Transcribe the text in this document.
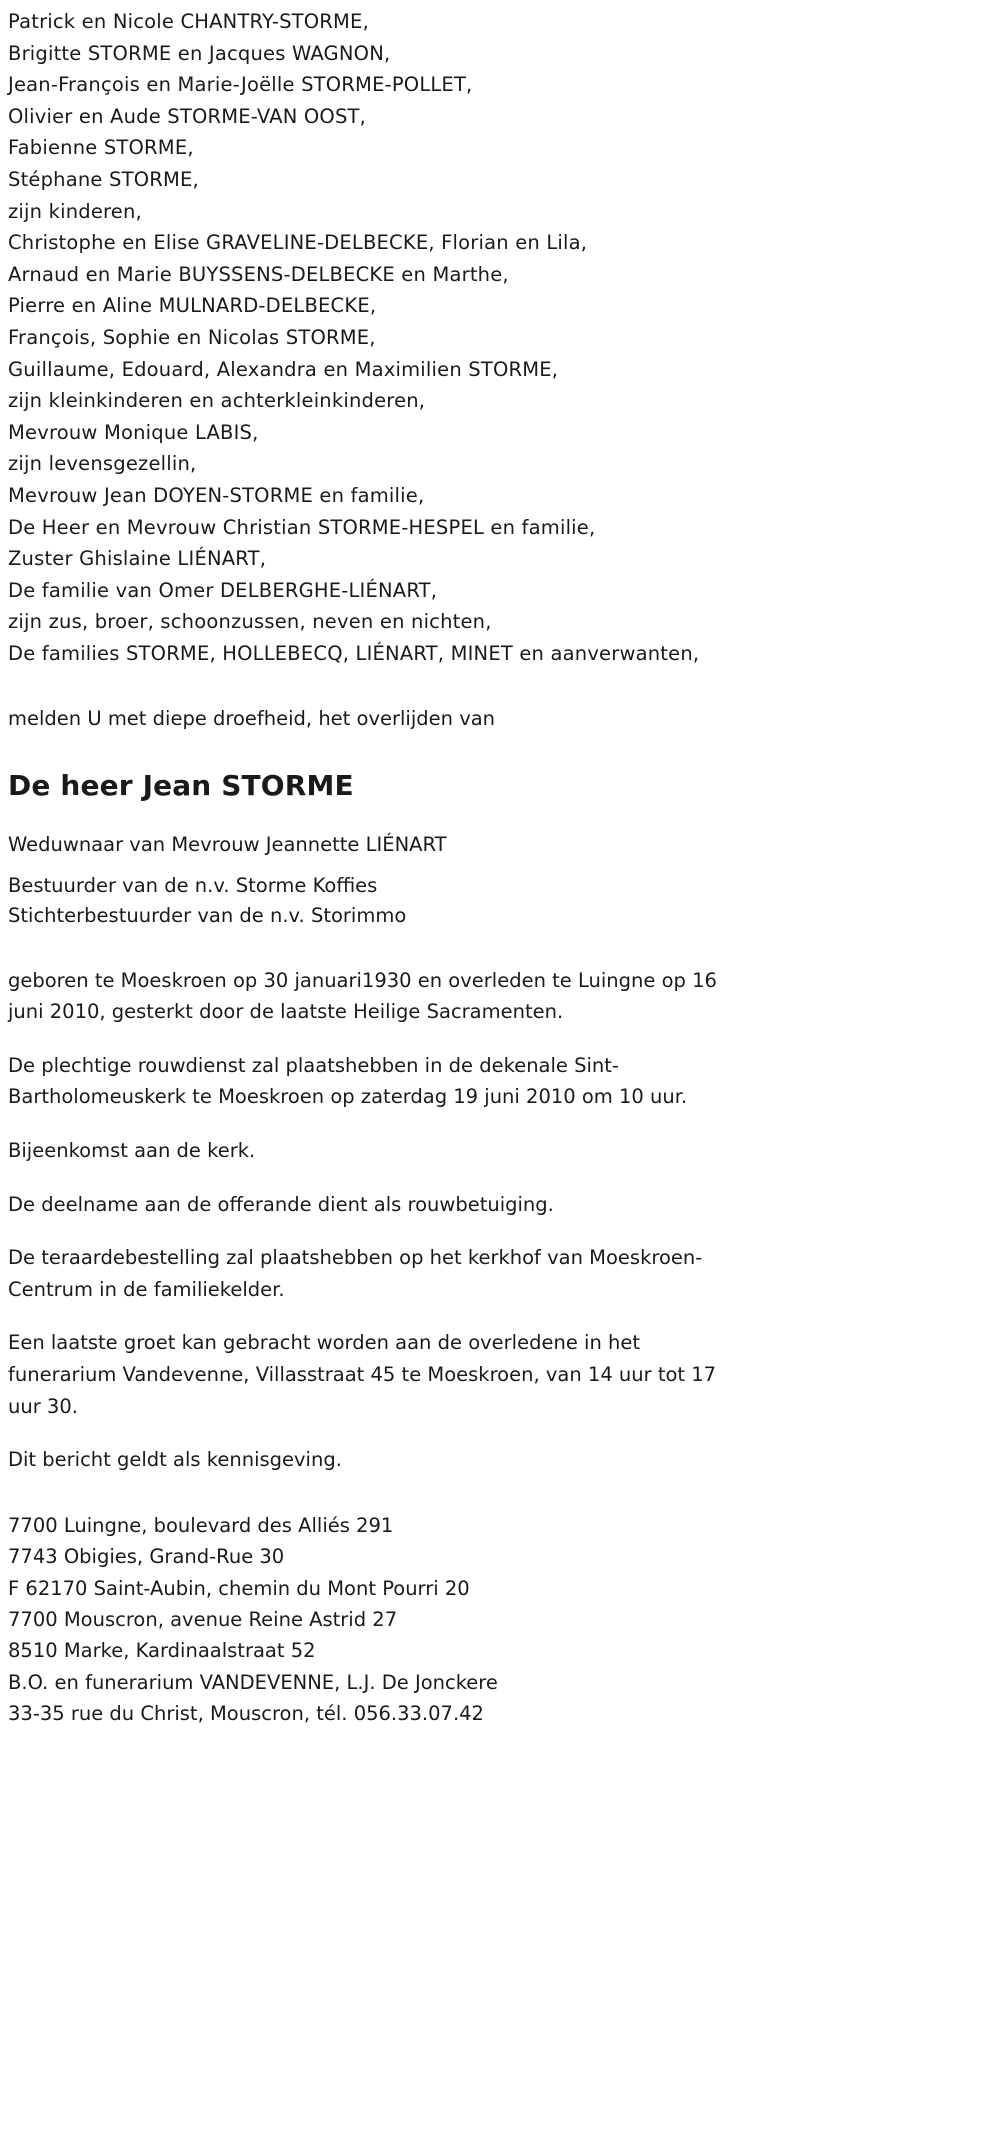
Patrick en Nicole CHANTRY-STORME,
Brigitte STORME en Jacques WAGNON,
Jean-François en Marie-Joëlle STORME-POLLET,
Olivier en Aude STORME-VAN OOST,
Fabienne STORME,
Stéphane STORME,
zijn kinderen,
Christophe en Elise GRAVELINE-DELBECKE, Florian en Lila,
Arnaud en Marie BUYSSENS-DELBECKE en Marthe,
Pierre en Aline MULNARD-DELBECKE,
François, Sophie en Nicolas STORME,
Guillaume, Edouard, Alexandra en Maximilien STORME,
zijn kleinkinderen en achterkleinkinderen,
Mevrouw Monique LABIS,
zijn levensgezellin,
Mevrouw Jean DOYEN-STORME en familie,
De Heer en Mevrouw Christian STORME-HESPEL en familie,
Zuster Ghislaine LIÉNART,
De familie van Omer DELBERGHE-LIÉNART,
zijn zus, broer, schoonzussen, neven en nichten,
De families STORME, HOLLEBECQ, LIÉNART, MINET en aanverwanten,

melden U met diepe droefheid, het overlijden van

De heer Jean STORME

Weduwnaar van Mevrouw Jeannette LIÉNART

Bestuurder van de n.v. Storme Koffies
Stichterbestuurder van de n.v. Storimmo

geboren te Moeskroen op 30 januari1930 en overleden te Luingne op 16 juni 2010, gesterkt door de laatste Heilige Sacramenten.

De plechtige rouwdienst zal plaatshebben in de dekenale Sint-Bartholomeuskerk te Moeskroen op zaterdag 19 juni 2010 om 10 uur.

Bijeenkomst aan de kerk.

De deelname aan de offerande dient als rouwbetuiging.

De teraardebestelling zal plaatshebben op het kerkhof van Moeskroen-Centrum in de familiekelder.

Een laatste groet kan gebracht worden aan de overledene in het funerarium Vandevenne, Villasstraat 45 te Moeskroen, van 14 uur tot 17 uur 30.

Dit bericht geldt als kennisgeving.

7700 Luingne, boulevard des Alliés 291
7743 Obigies, Grand-Rue 30
F 62170 Saint-Aubin, chemin du Mont Pourri 20
7700 Mouscron, avenue Reine Astrid 27
8510 Marke, Kardinaalstraat 52
B.O. en funerarium VANDEVENNE, L.J. De Jonckere
33-35 rue du Christ, Mouscron, tél. 056.33.07.42
